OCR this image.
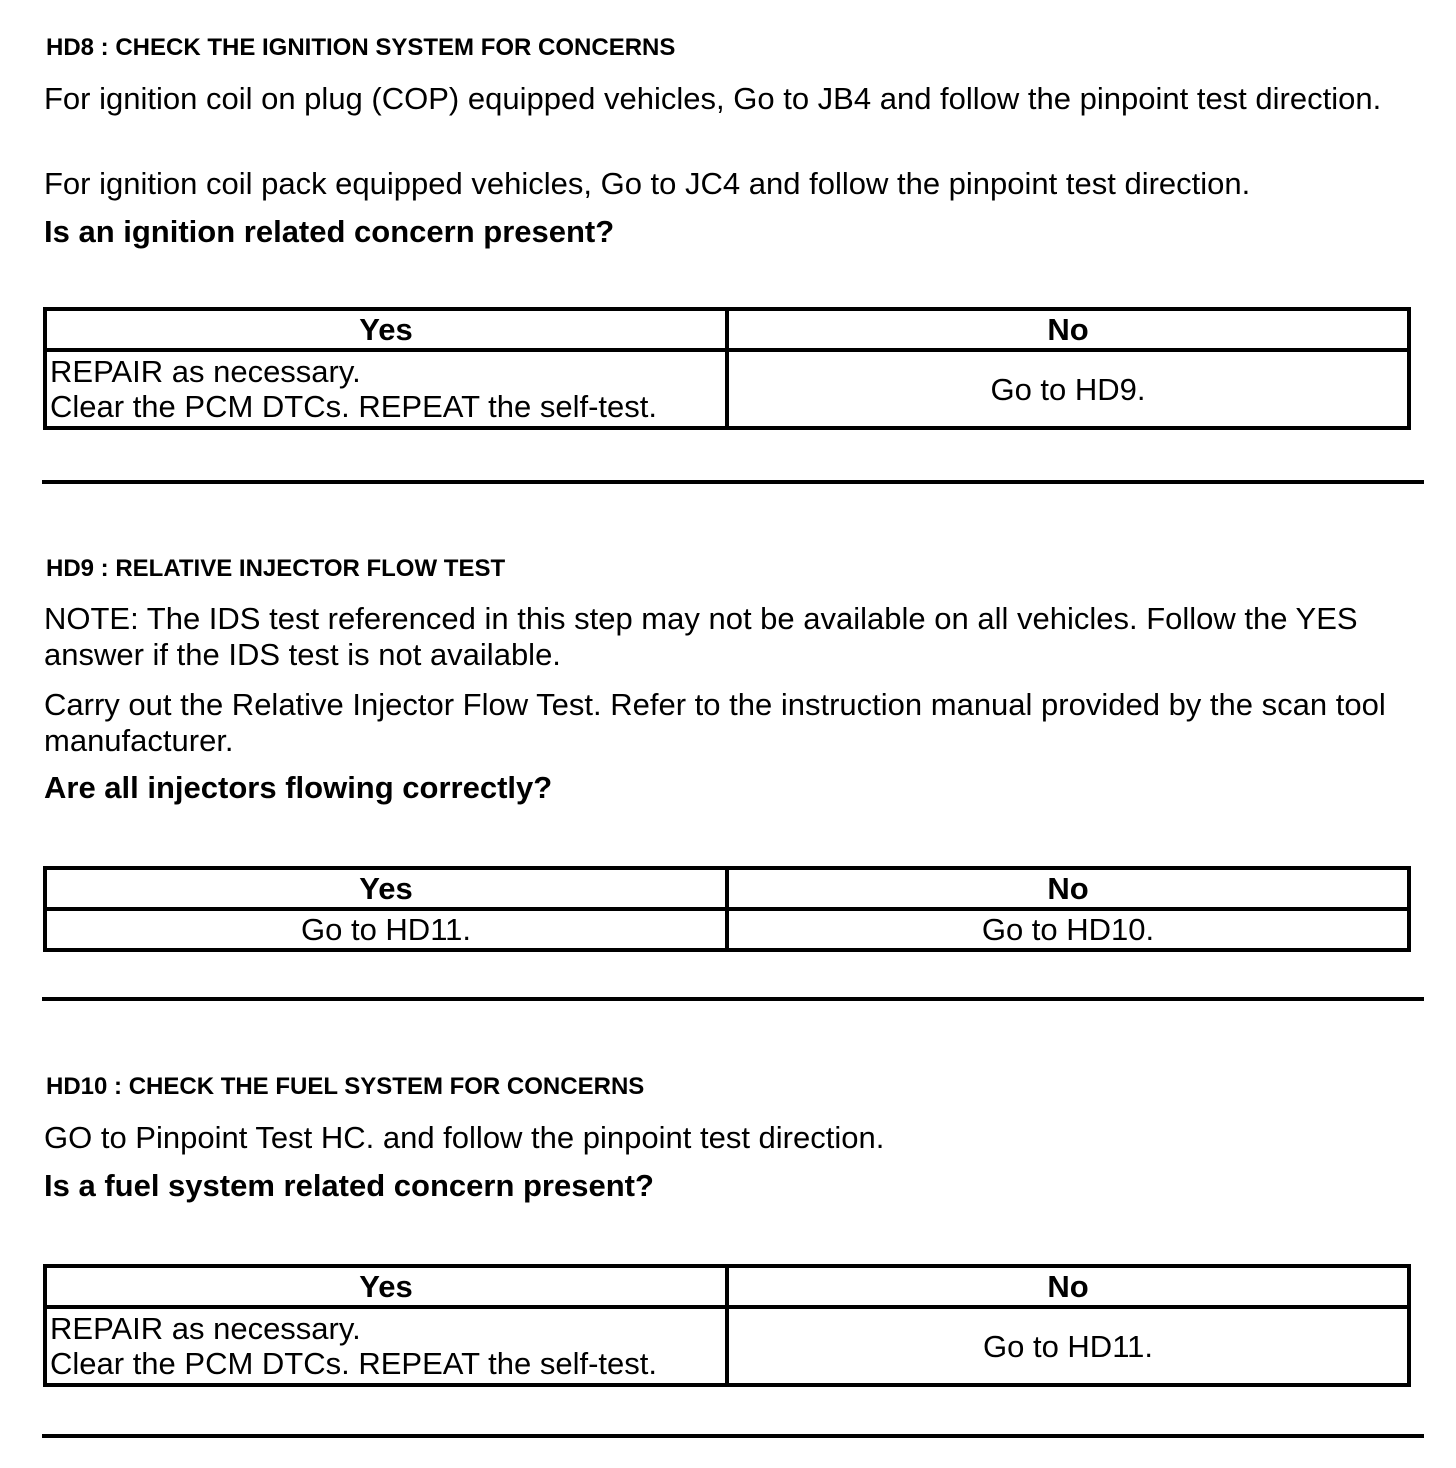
HD8 : CHECK THE IGNITION SYSTEM FOR CONCERNS
For ignition coil on plug (COP) equipped vehicles, Go to JB4 and follow the pinpoint test direction.
For ignition coil pack equipped vehicles, Go to JC4 and follow the pinpoint test direction.
Is an ignition related concern present?
Yes	No

REPAIR as necessary.
Clear the PCM DTCs. REPEAT the self-test.	Go to HD9.
HD9 : RELATIVE INJECTOR FLOW TEST
NOTE: The IDS test referenced in this step may not be available on all vehicles. Follow the YES answer if the IDS test is not available.
Carry out the Relative Injector Flow Test. Refer to the instruction manual provided by the scan tool manufacturer.
Are all injectors flowing correctly?
Yes	No
Go to HD11.	Go to HD10.
HD10 : CHECK THE FUEL SYSTEM FOR CONCERNS
GO to Pinpoint Test HC. and follow the pinpoint test direction.
Is a fuel system related concern present?
Yes	No

REPAIR as necessary.
Clear the PCM DTCs. REPEAT the self-test.	Go to HD11.
